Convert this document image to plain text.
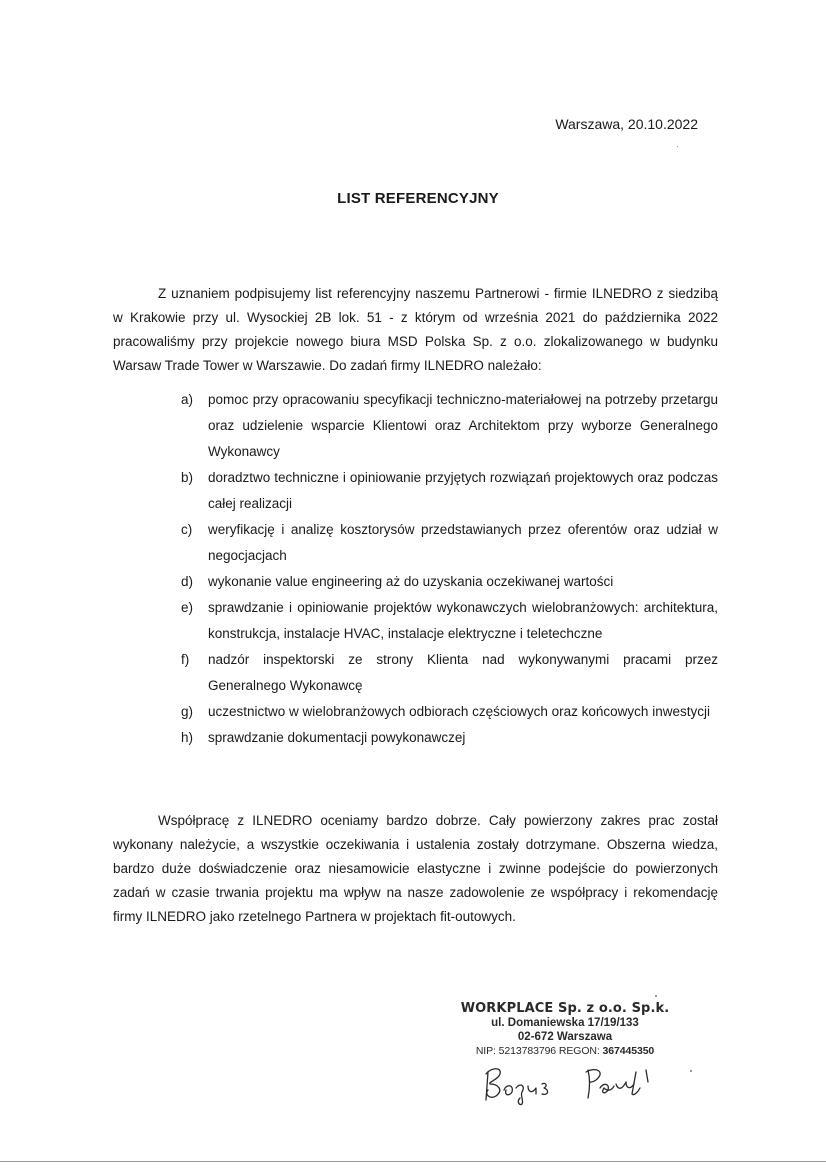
Warszawa, 20.10.2022
LIST REFERENCYJNY

Z uznaniem podpisujemy list referencyjny naszemu Partnerowi - firmie ILNEDRO z siedzibą w Krakowie przy ul. Wysockiej 2B lok. 51 - z którym od września 2021 do października 2022 pracowaliśmy przy projekcie nowego biura MSD Polska Sp. z o.o. zlokalizowanego w budynku Warsaw Trade Tower w Warszawie. Do zadań firmy ILNEDRO należało:

a) pomoc przy opracowaniu specyfikacji techniczno-materiałowej na potrzeby przetargu oraz udzielenie wsparcie Klientowi oraz Architektom przy wyborze Generalnego Wykonawcy
b) doradztwo techniczne i opiniowanie przyjętych rozwiązań projektowych oraz podczas całej realizacji
c) weryfikację i analizę kosztorysów przedstawianych przez oferentów oraz udział w negocjacjach
d) wykonanie value engineering aż do uzyskania oczekiwanej wartości
e) sprawdzanie i opiniowanie projektów wykonawczych wielobranżowych: architektura, konstrukcja, instalacje HVAC, instalacje elektryczne i teletechczne
f) nadzór inspektorski ze strony Klienta nad wykonywanymi pracami przez Generalnego Wykonawcę
g) uczestnictwo w wielobranżowych odbiorach częściowych oraz końcowych inwestycji
h) sprawdzanie dokumentacji powykonawczej

Współpracę z ILNEDRO oceniamy bardzo dobrze. Cały powierzony zakres prac został wykonany należycie, a wszystkie oczekiwania i ustalenia zostały dotrzymane. Obszerna wiedza, bardzo duże doświadczenie oraz niesamowicie elastyczne i zwinne podejście do powierzonych zadań w czasie trwania projektu ma wpływ na nasze zadowolenie ze współpracy i rekomendację firmy ILNEDRO jako rzetelnego Partnera w projektach fit-outowych.

WORKPLACE Sp. z o.o. Sp.k.
ul. Domaniewska 17/19/133
02-672 Warszawa
NIP: 5213783796 REGON: 367445350
